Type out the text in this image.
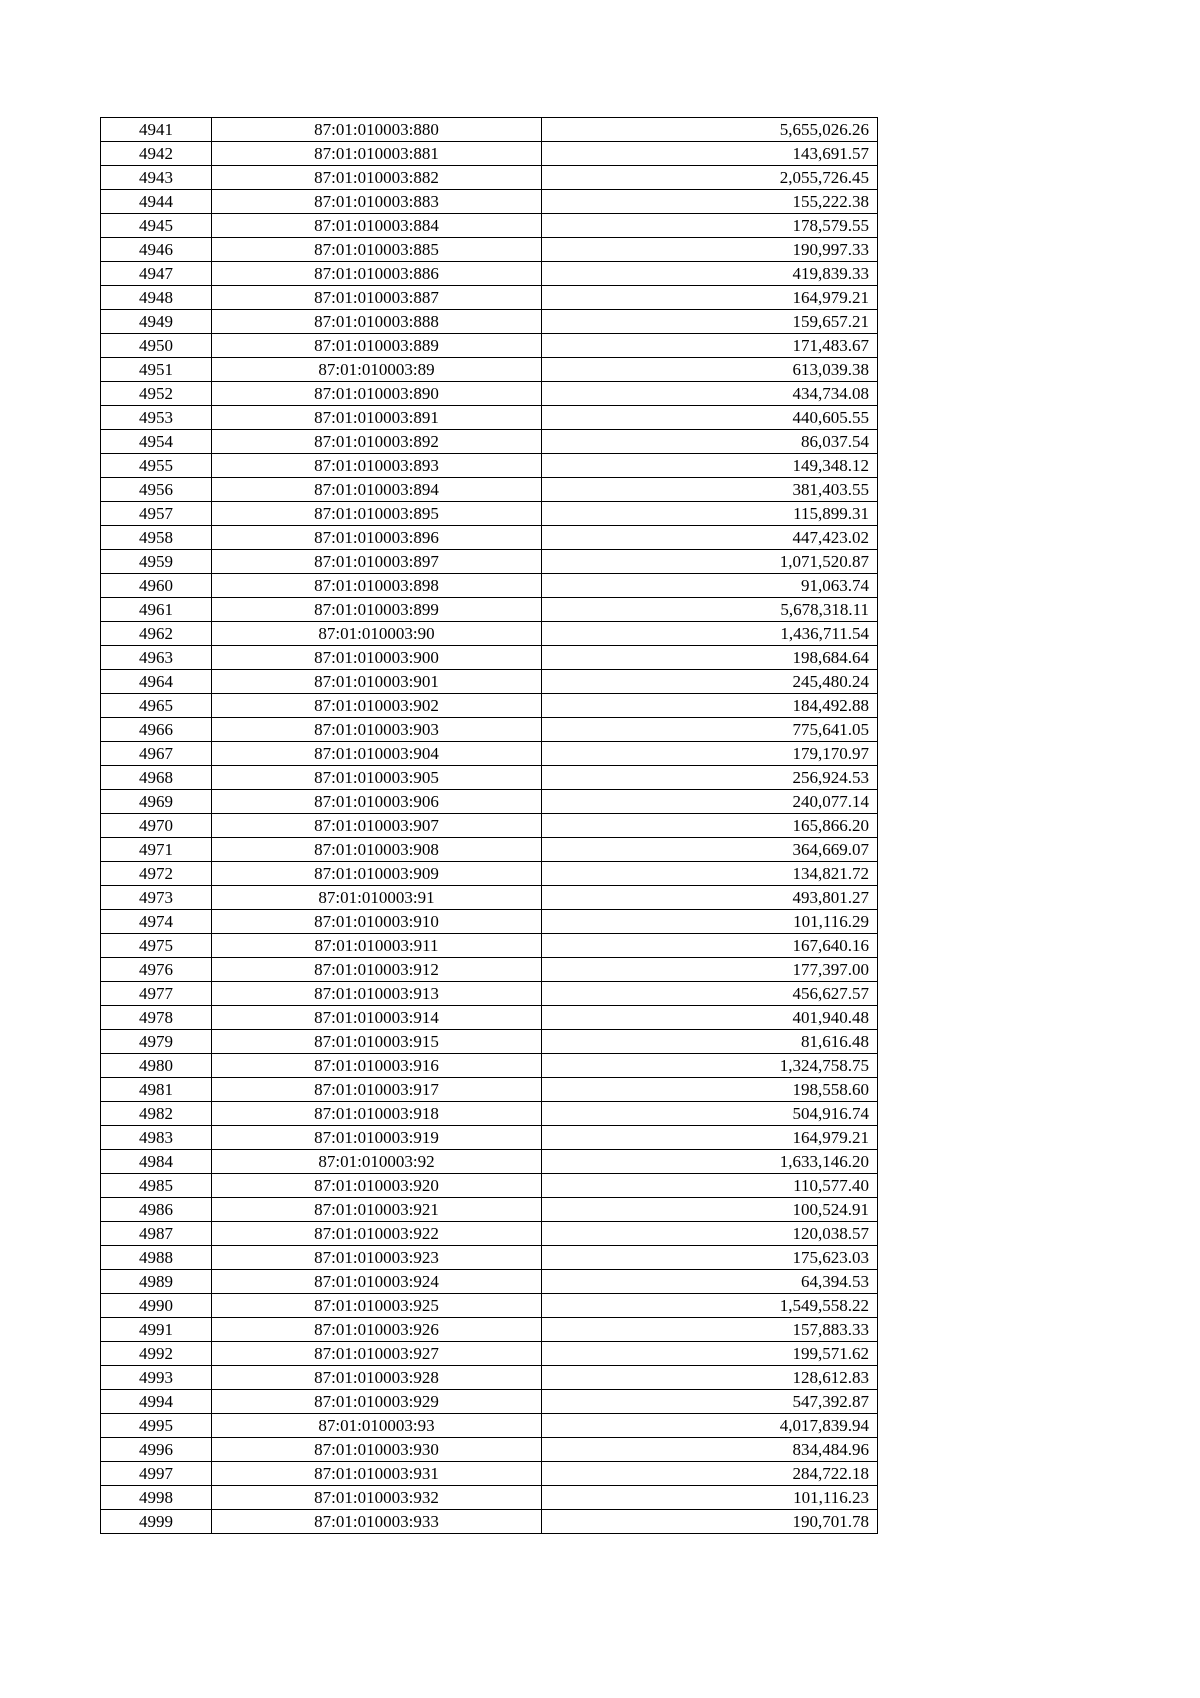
4941	87:01:010003:880	5,655,026.26
4942	87:01:010003:881	143,691.57
4943	87:01:010003:882	2,055,726.45
4944	87:01:010003:883	155,222.38
4945	87:01:010003:884	178,579.55
4946	87:01:010003:885	190,997.33
4947	87:01:010003:886	419,839.33
4948	87:01:010003:887	164,979.21
4949	87:01:010003:888	159,657.21
4950	87:01:010003:889	171,483.67
4951	87:01:010003:89	613,039.38
4952	87:01:010003:890	434,734.08
4953	87:01:010003:891	440,605.55
4954	87:01:010003:892	86,037.54
4955	87:01:010003:893	149,348.12
4956	87:01:010003:894	381,403.55
4957	87:01:010003:895	115,899.31
4958	87:01:010003:896	447,423.02
4959	87:01:010003:897	1,071,520.87
4960	87:01:010003:898	91,063.74
4961	87:01:010003:899	5,678,318.11
4962	87:01:010003:90	1,436,711.54
4963	87:01:010003:900	198,684.64
4964	87:01:010003:901	245,480.24
4965	87:01:010003:902	184,492.88
4966	87:01:010003:903	775,641.05
4967	87:01:010003:904	179,170.97
4968	87:01:010003:905	256,924.53
4969	87:01:010003:906	240,077.14
4970	87:01:010003:907	165,866.20
4971	87:01:010003:908	364,669.07
4972	87:01:010003:909	134,821.72
4973	87:01:010003:91	493,801.27
4974	87:01:010003:910	101,116.29
4975	87:01:010003:911	167,640.16
4976	87:01:010003:912	177,397.00
4977	87:01:010003:913	456,627.57
4978	87:01:010003:914	401,940.48
4979	87:01:010003:915	81,616.48
4980	87:01:010003:916	1,324,758.75
4981	87:01:010003:917	198,558.60
4982	87:01:010003:918	504,916.74
4983	87:01:010003:919	164,979.21
4984	87:01:010003:92	1,633,146.20
4985	87:01:010003:920	110,577.40
4986	87:01:010003:921	100,524.91
4987	87:01:010003:922	120,038.57
4988	87:01:010003:923	175,623.03
4989	87:01:010003:924	64,394.53
4990	87:01:010003:925	1,549,558.22
4991	87:01:010003:926	157,883.33
4992	87:01:010003:927	199,571.62
4993	87:01:010003:928	128,612.83
4994	87:01:010003:929	547,392.87
4995	87:01:010003:93	4,017,839.94
4996	87:01:010003:930	834,484.96
4997	87:01:010003:931	284,722.18
4998	87:01:010003:932	101,116.23
4999	87:01:010003:933	190,701.78
